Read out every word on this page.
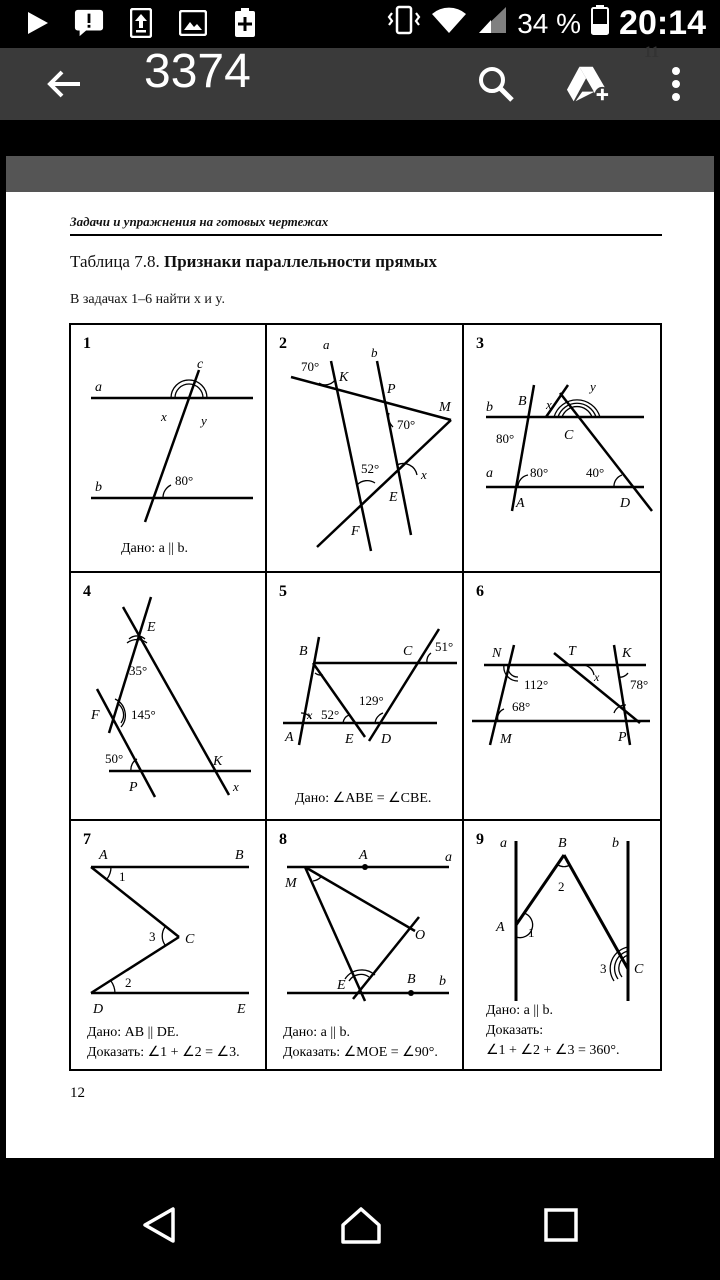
34 % 20:14
3374	11
Задачи и упражнения на готовых чертежах
Таблица 7.8. Признаки параллельности прямых
В задачах 1–6 найти x и y.
c
a
b
x	y
80°
1
Дано: a || b.
a
b
70°
K
P
M
70°
52°	x
E
F
2
b
a
B x
y
C
80°
80°	40°
A	D
3
E
35°
F 145°
50°
P
K
x
4
B	C 51°
x 52°
129°
A	E D
5
Дано: ∠ABE = ∠CBE.
N	T	K
112°	x 78°
68°
M	P
6
A	B
1
3 C
2
D	E
7
Дано: AB || DE.
Доказать: ∠1 + ∠2 = ∠3.
A	a
M
O
E	B b
8
Дано: a || b.
Доказать: ∠MOE = ∠90°.
a	b
B
2
A 1
3 C
9
Дано: a || b.
Доказать:
∠1 + ∠2 + ∠3 = 360°.
12
